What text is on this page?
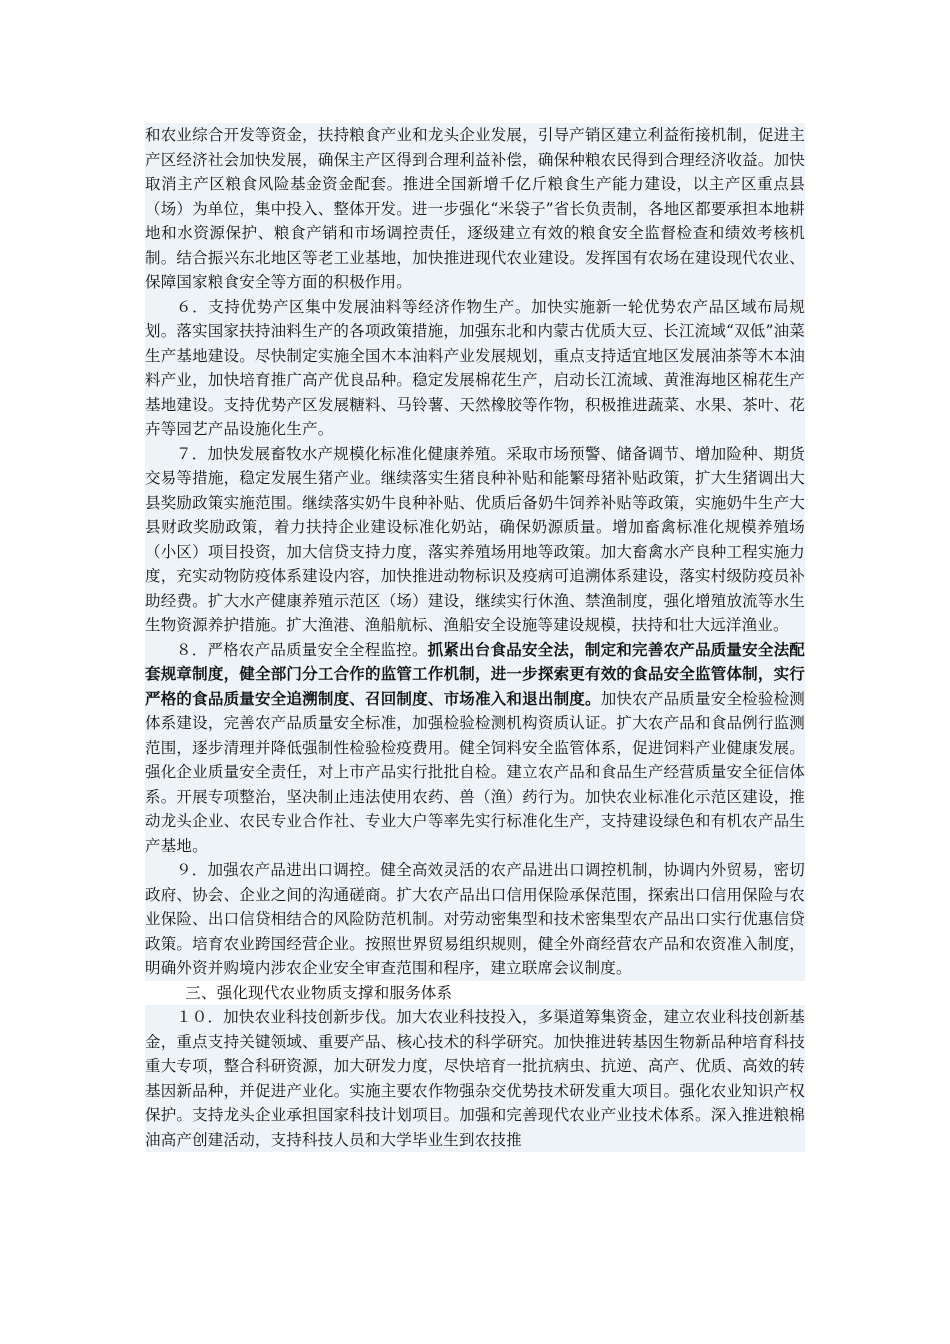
和农业综合开发等资金，扶持粮食产业和龙头企业发展，引导产销区建立利益衔接机制，促进主产区经济社会加快发展，确保主产区得到合理利益补偿，确保种粮农民得到合理经济收益。加快取消主产区粮食风险基金资金配套。推进全国新增千亿斤粮食生产能力建设，以主产区重点县（场）为单位，集中投入、整体开发。进一步强化“米袋子”省长负责制，各地区都要承担本地耕地和水资源保护、粮食产销和市场调控责任，逐级建立有效的粮食安全监督检查和绩效考核机制。结合振兴东北地区等老工业基地，加快推进现代农业建设。发挥国有农场在建设现代农业、保障国家粮食安全等方面的积极作用。

６．支持优势产区集中发展油料等经济作物生产。加快实施新一轮优势农产品区域布局规划。落实国家扶持油料生产的各项政策措施，加强东北和内蒙古优质大豆、长江流域“双低”油菜生产基地建设。尽快制定实施全国木本油料产业发展规划，重点支持适宜地区发展油茶等木本油料产业，加快培育推广高产优良品种。稳定发展棉花生产，启动长江流域、黄淮海地区棉花生产基地建设。支持优势产区发展糖料、马铃薯、天然橡胶等作物，积极推进蔬菜、水果、茶叶、花卉等园艺产品设施化生产。

７．加快发展畜牧水产规模化标准化健康养殖。采取市场预警、储备调节、增加险种、期货交易等措施，稳定发展生猪产业。继续落实生猪良种补贴和能繁母猪补贴政策，扩大生猪调出大县奖励政策实施范围。继续落实奶牛良种补贴、优质后备奶牛饲养补贴等政策，实施奶牛生产大县财政奖励政策，着力扶持企业建设标准化奶站，确保奶源质量。增加畜禽标准化规模养殖场（小区）项目投资，加大信贷支持力度，落实养殖场用地等政策。加大畜禽水产良种工程实施力度，充实动物防疫体系建设内容，加快推进动物标识及疫病可追溯体系建设，落实村级防疫员补助经费。扩大水产健康养殖示范区（场）建设，继续实行休渔、禁渔制度，强化增殖放流等水生生物资源养护措施。扩大渔港、渔船航标、渔船安全设施等建设规模，扶持和壮大远洋渔业。

８．严格农产品质量安全全程监控。抓紧出台食品安全法，制定和完善农产品质量安全法配套规章制度，健全部门分工合作的监管工作机制，进一步探索更有效的食品安全监管体制，实行严格的食品质量安全追溯制度、召回制度、市场准入和退出制度。加快农产品质量安全检验检测体系建设，完善农产品质量安全标准，加强检验检测机构资质认证。扩大农产品和食品例行监测范围，逐步清理并降低强制性检验检疫费用。健全饲料安全监管体系，促进饲料产业健康发展。强化企业质量安全责任，对上市产品实行批批自检。建立农产品和食品生产经营质量安全征信体系。开展专项整治，坚决制止违法使用农药、兽（渔）药行为。加快农业标准化示范区建设，推动龙头企业、农民专业合作社、专业大户等率先实行标准化生产，支持建设绿色和有机农产品生产基地。

９．加强农产品进出口调控。健全高效灵活的农产品进出口调控机制，协调内外贸易，密切政府、协会、企业之间的沟通磋商。扩大农产品出口信用保险承保范围，探索出口信用保险与农业保险、出口信贷相结合的风险防范机制。对劳动密集型和技术密集型农产品出口实行优惠信贷政策。培育农业跨国经营企业。按照世界贸易组织规则，健全外商经营农产品和农资准入制度，明确外资并购境内涉农企业安全审查范围和程序，建立联席会议制度。

三、强化现代农业物质支撑和服务体系

１０．加快农业科技创新步伐。加大农业科技投入，多渠道筹集资金，建立农业科技创新基金，重点支持关键领域、重要产品、核心技术的科学研究。加快推进转基因生物新品种培育科技重大专项，整合科研资源，加大研发力度，尽快培育一批抗病虫、抗逆、高产、优质、高效的转基因新品种，并促进产业化。实施主要农作物强杂交优势技术研发重大项目。强化农业知识产权保护。支持龙头企业承担国家科技计划项目。加强和完善现代农业产业技术体系。深入推进粮棉油高产创建活动，支持科技人员和大学毕业生到农技推
